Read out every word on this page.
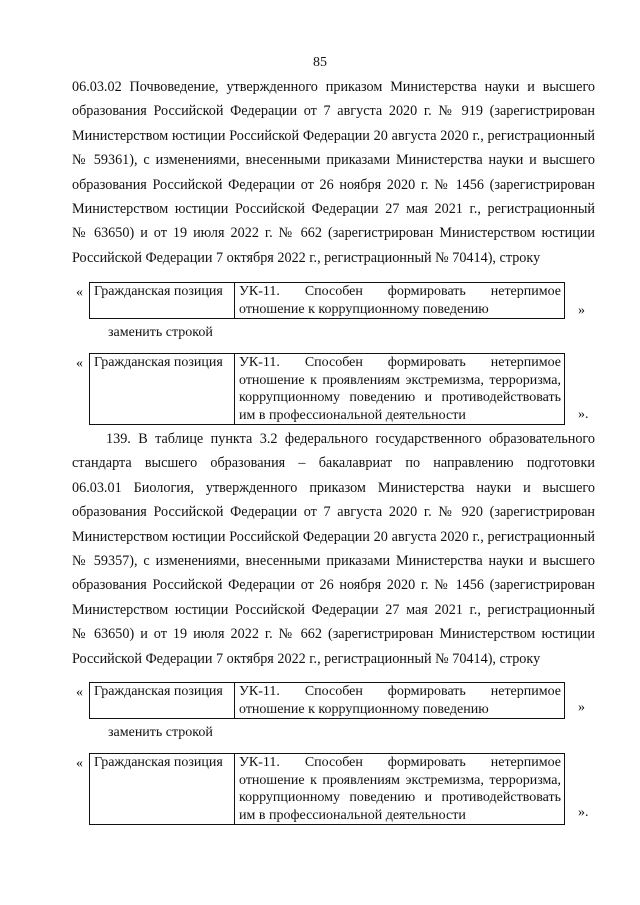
85
06.03.02 Почвоведение, утвержденного приказом Министерства науки и высшего
образования Российской Федерации от 7 августа 2020 г. № 919 (зарегистрирован
Министерством юстиции Российской Федерации 20 августа 2020 г., регистрационный
№ 59361), с изменениями, внесенными приказами Министерства науки и высшего
образования Российской Федерации от 26 ноября 2020 г. № 1456 (зарегистрирован
Министерством юстиции Российской Федерации 27 мая 2021 г., регистрационный
№ 63650) и от 19 июля 2022 г. № 662 (зарегистрирован Министерством юстиции
Российской Федерации 7 октября 2022 г., регистрационный № 70414), строку
« Гражданская позиция	УК-11. Способен формировать нетерпимое
отношение к коррупционному поведению	»
заменить строкой
« Гражданская позиция	УК-11. Способен формировать нетерпимое
отношение к проявлениям экстремизма, терроризма,
коррупционному поведению и противодействовать
им в профессиональной деятельности	».
139. В таблице пункта 3.2 федерального государственного образовательного
стандарта высшего образования – бакалавриат по направлению подготовки
06.03.01 Биология, утвержденного приказом Министерства науки и высшего
образования Российской Федерации от 7 августа 2020 г. № 920 (зарегистрирован
Министерством юстиции Российской Федерации 20 августа 2020 г., регистрационный
№ 59357), с изменениями, внесенными приказами Министерства науки и высшего
образования Российской Федерации от 26 ноября 2020 г. № 1456 (зарегистрирован
Министерством юстиции Российской Федерации 27 мая 2021 г., регистрационный
№ 63650) и от 19 июля 2022 г. № 662 (зарегистрирован Министерством юстиции
Российской Федерации 7 октября 2022 г., регистрационный № 70414), строку
« Гражданская позиция	УК-11. Способен формировать нетерпимое
отношение к коррупционному поведению	»
заменить строкой
« Гражданская позиция	УК-11. Способен формировать нетерпимое
отношение к проявлениям экстремизма, терроризма,
коррупционному поведению и противодействовать
им в профессиональной деятельности	».
